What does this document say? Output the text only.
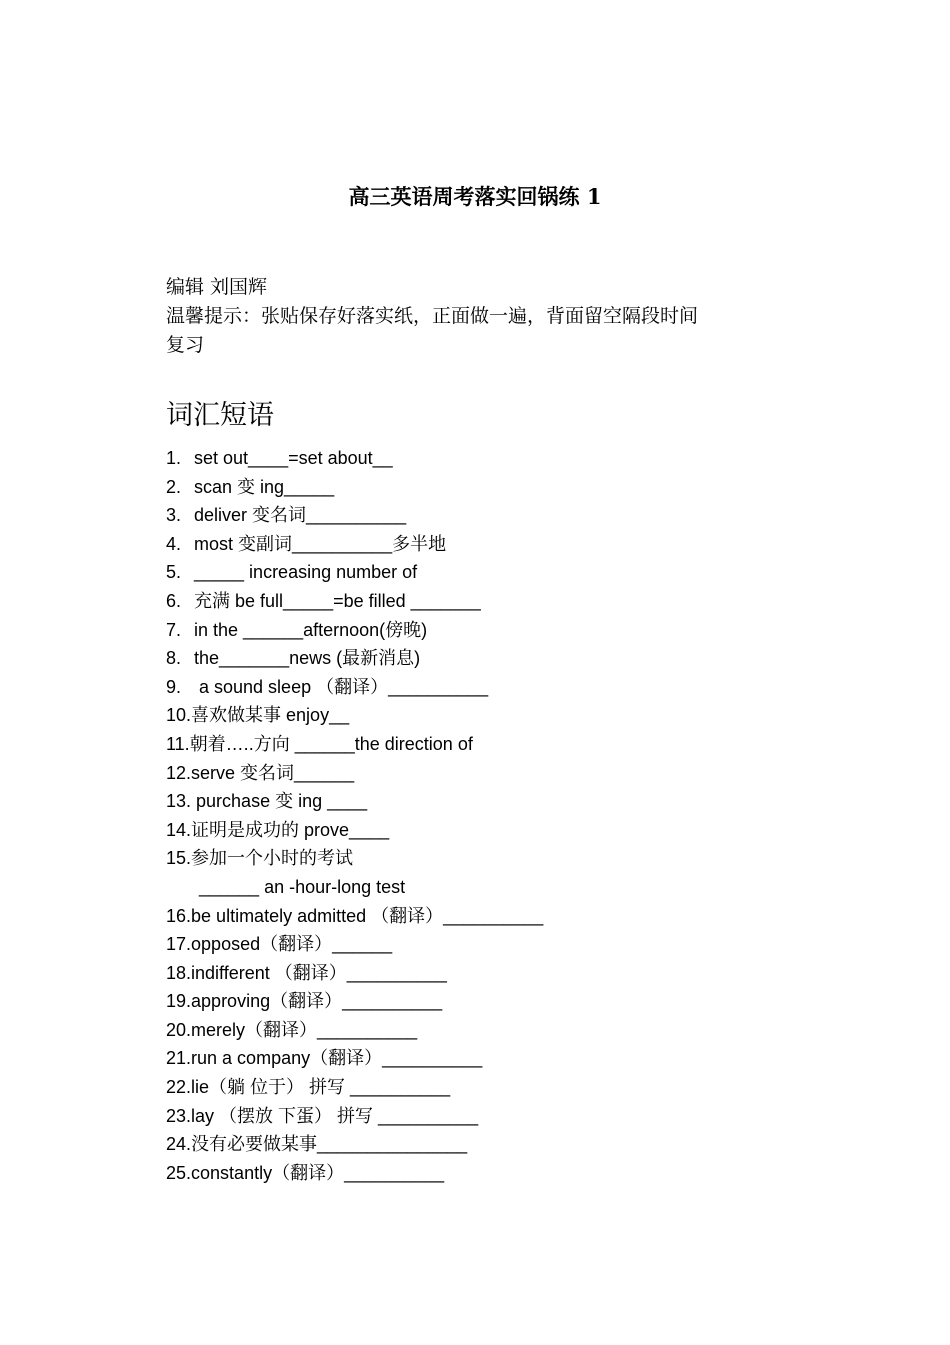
高三英语周考落实回锅练 1
编辑 刘国辉
温馨提示：张贴保存好落实纸，正面做一遍，背面留空隔段时间
复习
词汇短语
1. set out____=set about__
2. scan 变 ing_____
3. deliver 变名词__________
4. most 变副词__________多半地
5. _____ increasing number of
6. 充满 be full_____=be filled _______
7. in the ______afternoon(傍晚)
8. the_______news (最新消息)
9. a sound sleep （翻译）__________
10.喜欢做某事 enjoy__
11.朝着…..方向 ______the direction of
12.serve 变名词______
13. purchase 变 ing ____
14.证明是成功的 prove____
15.参加一个小时的考试
______ an -hour-long test
16.be ultimately admitted （翻译）__________
17.opposed（翻译）______
18.indifferent （翻译）__________
19.approving（翻译）__________
20.merely（翻译）__________
21.run a company（翻译）__________
22.lie（躺 位于） 拼写 __________
23.lay （摆放 下蛋） 拼写 __________
24.没有必要做某事_______________
25.constantly（翻译）__________
